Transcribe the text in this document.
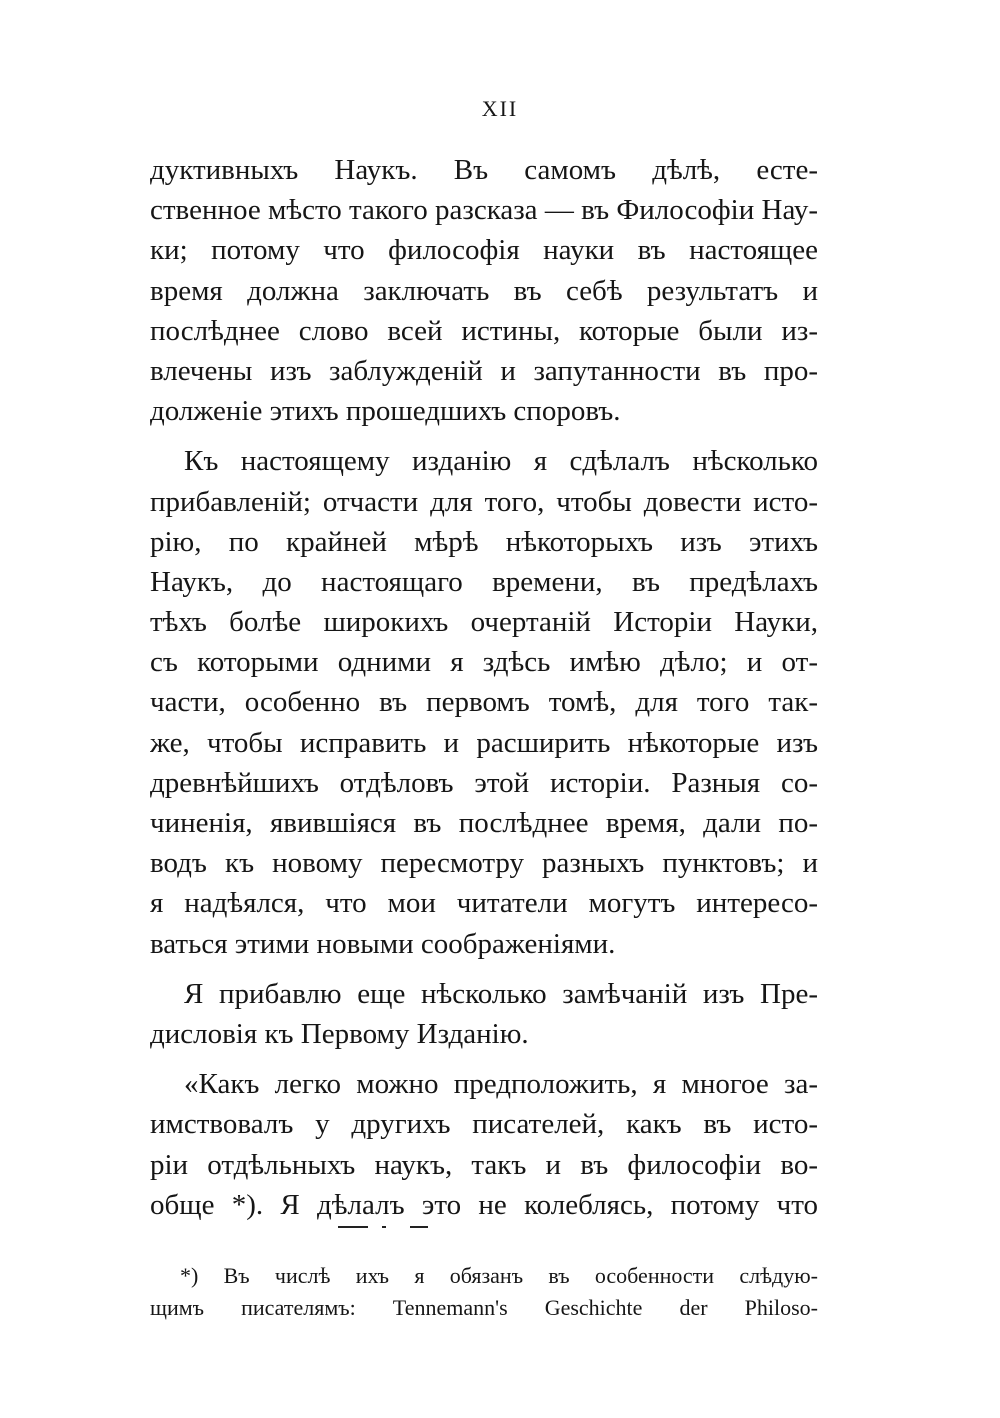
XII
дуктивныхъ Наукъ. Въ самомъ дѣлѣ, есте-
ственное мѣсто такого разсказа — въ Философiи Нау-
ки; потому что философiя науки въ настоящее
время должна заключать въ себѣ результатъ и
послѣднее слово всей истины, которые были из-
влечены изъ заблужденiй и запутанности въ про-
долженiе этихъ прошедшихъ споровъ.
Къ настоящему изданiю я сдѣлалъ нѣсколько
прибавленiй; отчасти для того, чтобы довести исто-
рiю, по крайней мѣрѣ нѣкоторыхъ изъ этихъ
Наукъ, до настоящаго времени, въ предѣлахъ
тѣхъ болѣе широкихъ очертанiй Исторiи Науки,
съ которыми одними я здѣсь имѣю дѣло; и от-
части, особенно въ первомъ томѣ, для того так-
же, чтобы исправить и расширить нѣкоторые изъ
древнѣйшихъ отдѣловъ этой исторiи. Разныя со-
чиненiя, явившiяся въ послѣднее время, дали по-
водъ къ новому пересмотру разныхъ пунктовъ; и
я надѣялся, что мои читатели могутъ интересо-
ваться этими новыми соображенiями.
Я прибавлю еще нѣсколько замѣчанiй изъ Пре-
дисловiя къ Первому Изданiю.
«Какъ легко можно предположить, я многое за-
имствовалъ у другихъ писателей, какъ въ исто-
рiи отдѣльныхъ наукъ, такъ и въ философiи во-
обще *). Я дѣлалъ это не колеблясь, потому что
*) Въ числѣ ихъ я обязанъ въ особенности слѣдую-
щимъ писателямъ: Tennemann's Geschichte der Philoso-
